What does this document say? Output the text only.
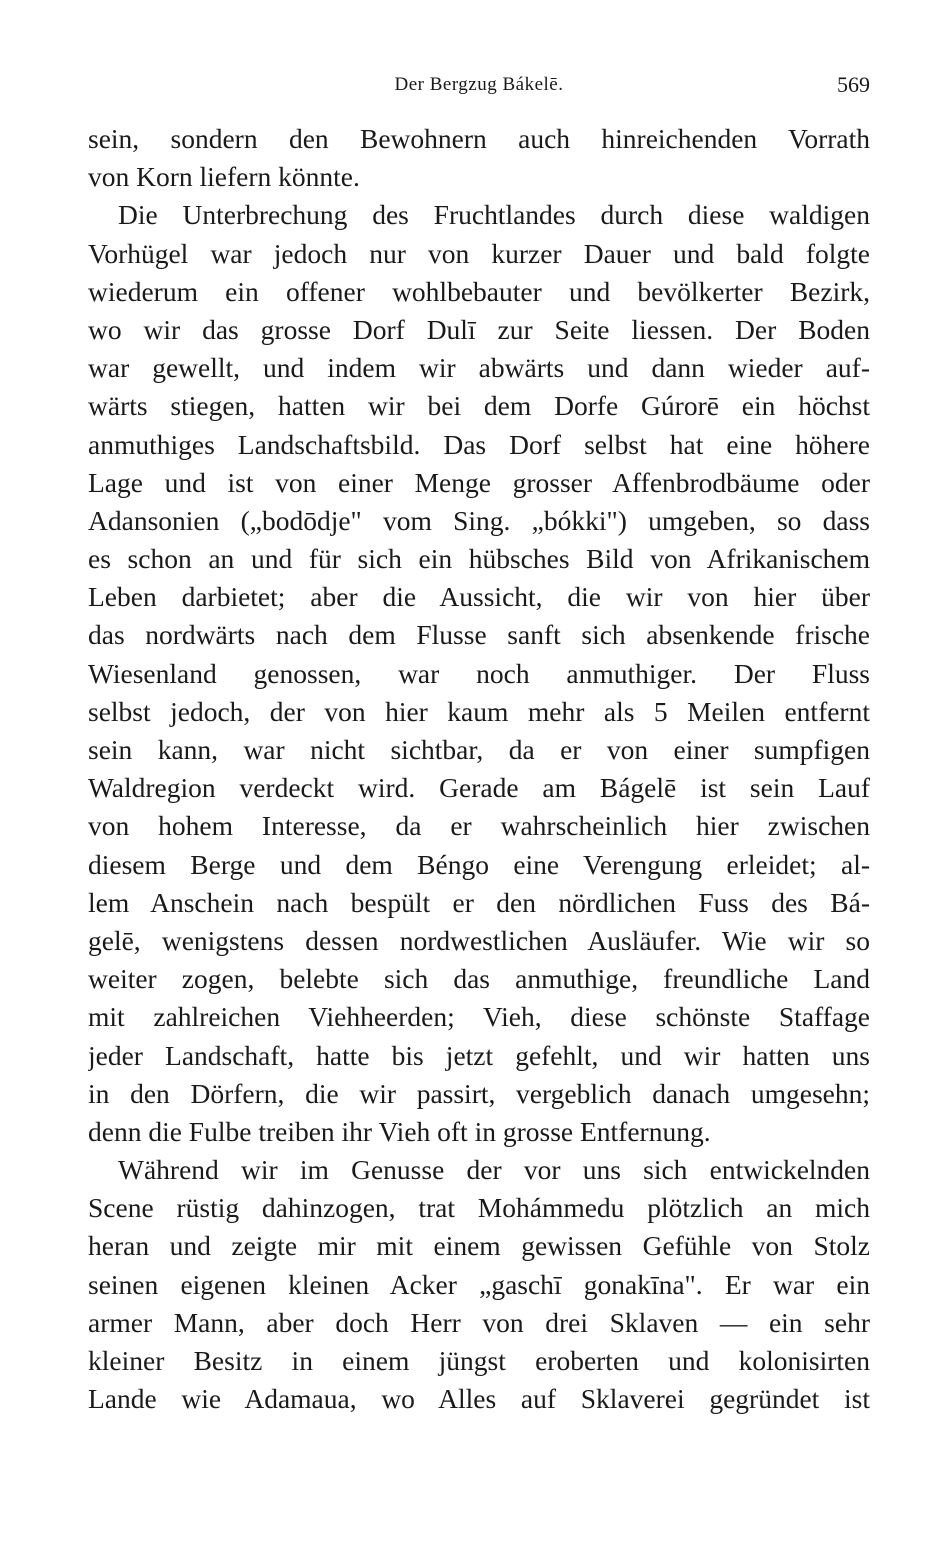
Der Bergzug Bákelē.	569
sein, sondern den Bewohnern auch hinreichenden Vorrath
von Korn liefern könnte.
Die Unterbrechung des Fruchtlandes durch diese waldigen
Vorhügel war jedoch nur von kurzer Dauer und bald folgte
wiederum ein offener wohlbebauter und bevölkerter Bezirk,
wo wir das grosse Dorf Dulī zur Seite liessen. Der Boden
war gewellt, und indem wir abwärts und dann wieder auf-
wärts stiegen, hatten wir bei dem Dorfe Gúrorē ein höchst
anmuthiges Landschaftsbild. Das Dorf selbst hat eine höhere
Lage und ist von einer Menge grosser Affenbrodbäume oder
Adansonien („bodōdje" vom Sing. „bókki") umgeben, so dass
es schon an und für sich ein hübsches Bild von Afrikanischem
Leben darbietet; aber die Aussicht, die wir von hier über
das nordwärts nach dem Flusse sanft sich absenkende frische
Wiesenland genossen, war noch anmuthiger. Der Fluss
selbst jedoch, der von hier kaum mehr als 5 Meilen entfernt
sein kann, war nicht sichtbar, da er von einer sumpfigen
Waldregion verdeckt wird. Gerade am Bágelē ist sein Lauf
von hohem Interesse, da er wahrscheinlich hier zwischen
diesem Berge und dem Béngo eine Verengung erleidet; al-
lem Anschein nach bespült er den nördlichen Fuss des Bá-
gelē, wenigstens dessen nordwestlichen Ausläufer. Wie wir so
weiter zogen, belebte sich das anmuthige, freundliche Land
mit zahlreichen Viehheerden; Vieh, diese schönste Staffage
jeder Landschaft, hatte bis jetzt gefehlt, und wir hatten uns
in den Dörfern, die wir passirt, vergeblich danach umgesehn;
denn die Fulbe treiben ihr Vieh oft in grosse Entfernung.
Während wir im Genusse der vor uns sich entwickelnden
Scene rüstig dahinzogen, trat Mohámmedu plötzlich an mich
heran und zeigte mir mit einem gewissen Gefühle von Stolz
seinen eigenen kleinen Acker „gaschī gonakīna". Er war ein
armer Mann, aber doch Herr von drei Sklaven — ein sehr
kleiner Besitz in einem jüngst eroberten und kolonisirten
Lande wie Adamaua, wo Alles auf Sklaverei gegründet ist
